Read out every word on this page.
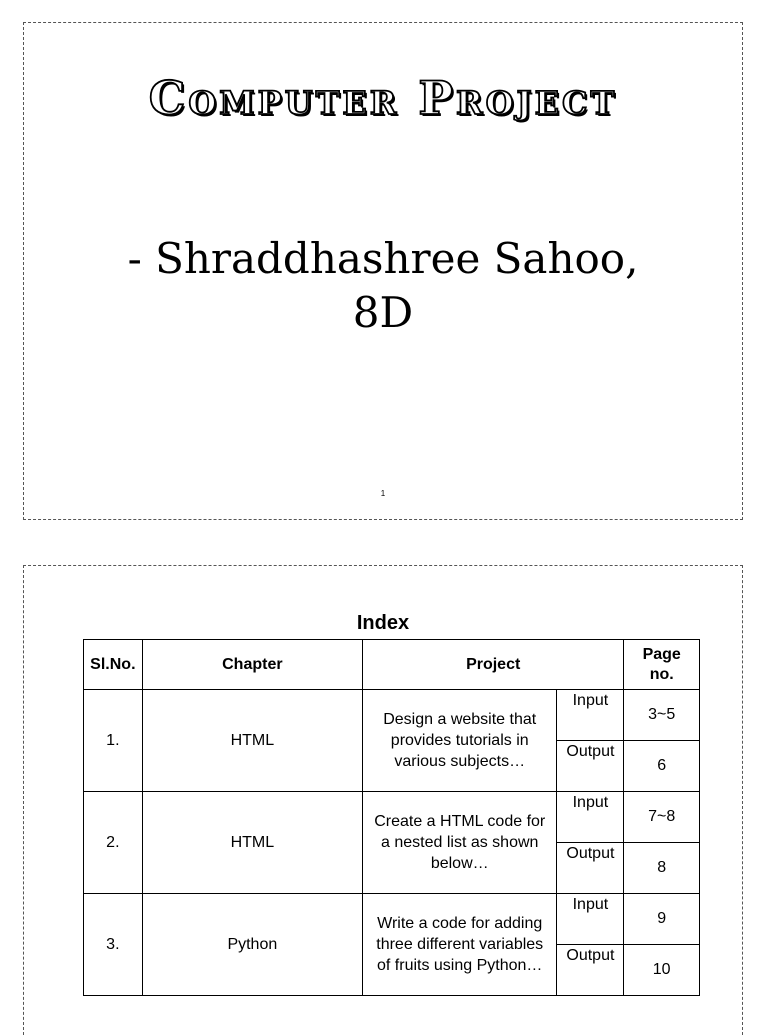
Computer Project
- Shraddhashree Sahoo,
8D
1
Index
Sl.No.	Chapter	Project		Page no.
1.	HTML	Design a website that provides tutorials in various subjects…	Input	3~5
			Output	6
2.	HTML	Create a HTML code for a nested list as shown below…	Input	7~8
			Output	8
3.	Python	Write a code for adding three different variables of fruits using Python…	Input	9
			Output	10
